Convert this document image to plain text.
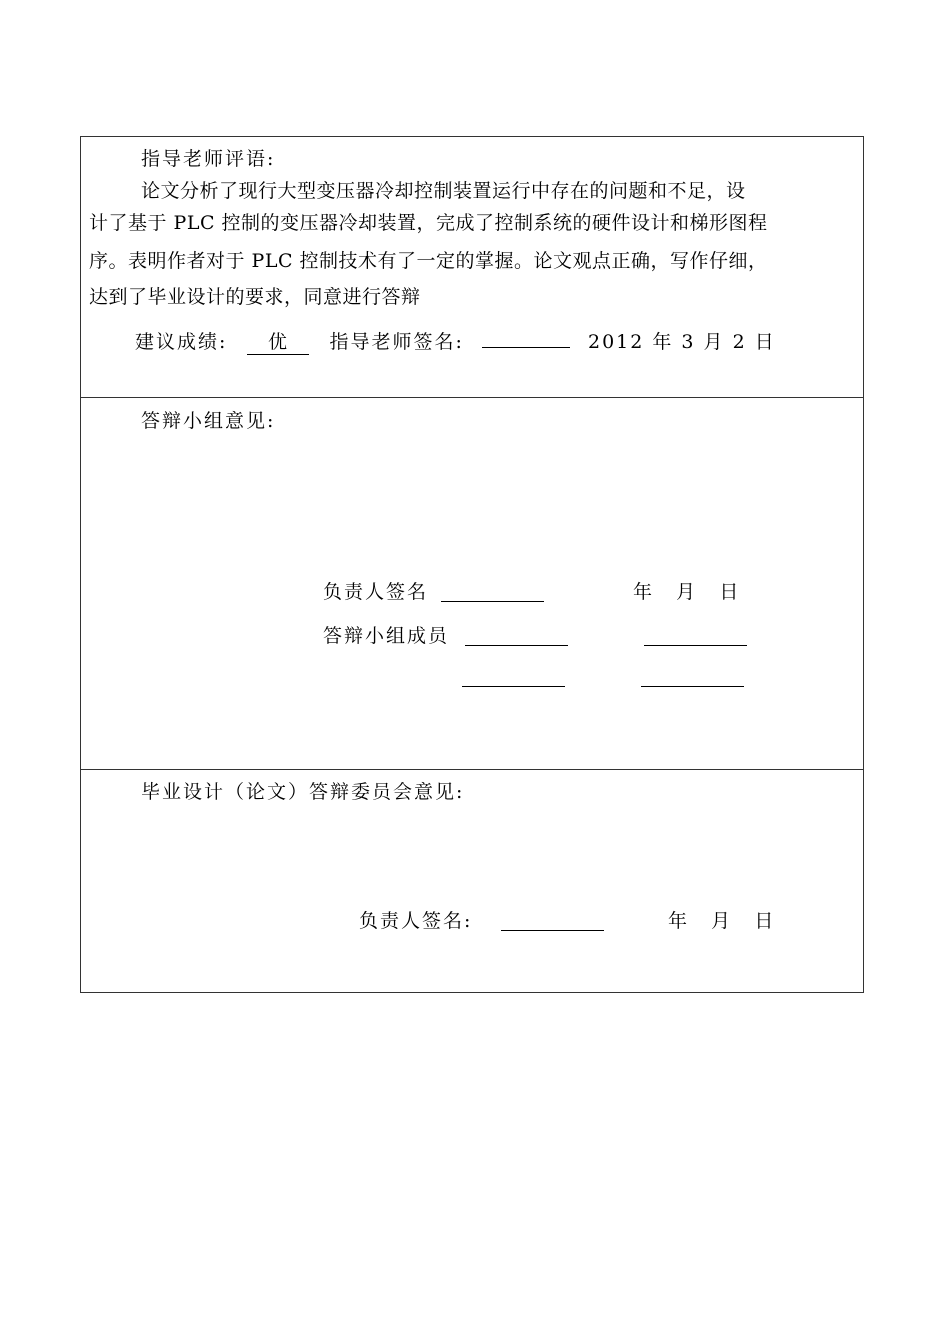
指导老师评语:
论文分析了现行大型变压器冷却控制装置运行中存在的问题和不足，设
计了基于 PLC 控制的变压器冷却装置，完成了控制系统的硬件设计和梯形图程
序。表明作者对于 PLC 控制技术有了一定的掌握。论文观点正确，写作仔细，
达到了毕业设计的要求，同意进行答辩
建议成绩: 优 指导老师签名:	2012 年 3 月 2 日
答辩小组意见:
负责人签名	年    月    日
答辩小组成员
毕业设计（论文）答辩委员会意见:
负责人签名:	年    月    日
